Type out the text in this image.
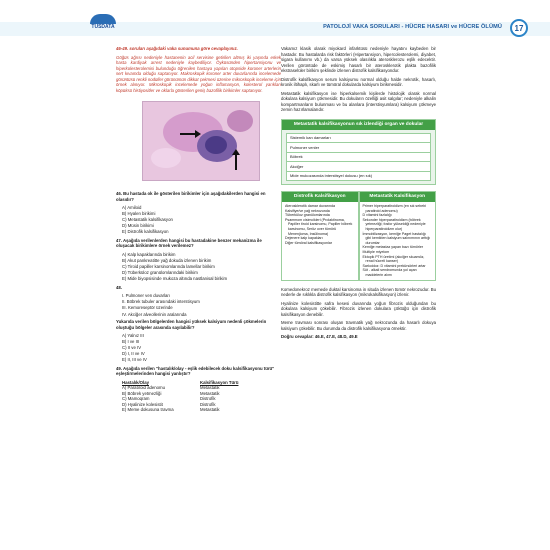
TUSDATA	PATOLOJİ VAKA SORULARI - HÜCRE HASARI ve HÜCRE ÖLÜMÜ	17

46-49. soruları aşağıdaki vaka sunumuna göre cevaplayınız.

Göğüs ağrısı nedeniyle hastanenin acil servisine getirilen altmış iki yaşında erkek hasta kardiyak arrest nedeniyle kaybediliyor. Öyküsünden hipertansiyonu ve hiperkolesterolemisi bulunduğu öğrenilen hastaya yapılan otopside koroner arterlerin sert kıvamda olduğu saptanıyor. Makroskopik koroner arter duvarlarında incelemede görüntüsü renkli nodüller görünümün dikkat çekmesi üzerine mikroskopik inceleme için örnek alınıyor. Mikroskopik incelemede yoğun inflamasyon, kolesterol yarıkları köpüksü histiyositler ve oklarla gösterilen geniş bazofilik birikimler saptanıyor.

46. Bu hastada ok ile gösterilen birikimler için aşağıdakilerden hangisi en olasıdır?

A) Amiloid

B) Hyalen birikimi

C) Metastatik kalsifikasyon

D) Müsin birikimi

E) Distrofik kalsifikasyon

47. Aşağıda verilenlerden hangisi bu hastadakine benzer mekanizma ile oluşacak birikimlere örnek verilemez?

A) Kalp kapaklarında birikim

B) Akut pankreatitte yağ dokuda izlenen birikim

C) Tiroid papiller karsinomlarında lamellar birikim

D) Tüberküloz granülomlarındaki birikim

E) Mide biyopsisinde mukoza altında nastlanisal birikim

48.

I. Pulmoner ven duvarları

II. Böbrek tubuler arasındaki interstisyum

III. Kemoreseptör üzerinde

IV. Akciğer alveollerinin aralarında

Yukarıda verilen bölgelerden hangisi yüksek kalsiyum nedenli çökmelerin oluştuğu bölgeler arasında sayılabilir?

A) Yalnız III

B) I ve III

C) II ve IV

D) I, II ve IV

E) II, III ve IV

49. Aşağıda verilen "hastalık/olay - eşlik edebilecek doku kalsifikasyonu türü" eşleştirmelerinden hangisi yanlıştır?

Hastalık/Olay	Kalsifikasyon Türü
A) Paratiroid adenomu	Metastatik
B) Böbrek yetmezliği	Metastatik
C) Mamoqram	Distrofik
D) Hyalinize kolesistit	Distrofik
E) Meme dokusuna travma	Metastatik

Vakamız klasik olarak miyokard infarktüsü nedeniyle hayatını kaybeden bir hastadır. Bu hastalarda risk faktörleri (Hipertansiyon, hipercolesterolemi, diyabet, sigara kullanımı vb.) da varsa yüksek olasılıkla aterosklerozu eşlik edecektir. Verilen görüntüde de eskimiş hasarlı bir aterosklerotik plakta bazofilik ekstraselüler birikim şeklinde izlenen distrofik kalsifikasyondur.

Distrofik kalsifikasyon serum kalsiyumu normal olduğu halde nekrotik, hasarlı, kronik iltihaplı, skarlı ve tümöral dokularda kalsiyum birikmesidir.

Metastatik kalsifikasyon ise hiperkalsemik kişilerde histolojik olarak normal dokulara kalsiyum çökmesidir. Bu dokuların özelliği asit salgılar; nedeniyle alkalin kompartmanların bulunması ve bu alanlara (interstisyumlara) kalsiyum çökmeye zemin hazırlamalarıdır.

Metastatik kalsifikasyonun sık izlendiği organ ve dokular
Sistemik kan damarları
Pulmoner venler
Böbrek
Akciğer
Mide mukozasında interstisyel dokusu (en sık)
Distrofik Kalsifikasyon
Aterosklerotik damar duvarında
Kalsifiye/ve yağ nekrozunda
Tüberküloz granülomlarında
Psammom cisimcikleri (Prolaktinoma, Papiller tiroid karsinomu, Papiller böbrek karsinomu, Seröz over tümörü Menenjioma, Insülinoma)
Dejenere kalp kapakları
Diğer tümöral kalsifikasyonlar
Metastatik Kalsifikasyon
Primer hiperparatiroidizm (en sık sebebi paratiroid adenomu)
D vitamini fazlalığı
Sekonder hiperparatiroidizm (böbrek yetmezliği; fosfor yükseldiği nedeniyle hiperparatiroidizm olur)
İmmobilizasyon, kemiğe Paget hastalığı gibi kemikten kalsiyum salınımının arttığı durumlar
Kemiğe metastaz yapan bazı tümörler
Multiple miyelom
Ektopik PTH üretimi (akciğer skuamöz, renal hücreli kanser)
Sarkoidoz: D vitamini prekürsörleri artar
Süt - alkali sendromunda yol açan maddelerin alımı

Komedonekroz memede duktal karsinoma in situda izlenen tümör nekrozudur. Bu nederle de sıklıkla distrofik kalsifikasyon (mikrokalsifikasyon) izlenir.

Hyalinize kolesistitte safra kesesi duvarında yoğun fibrozis olduğundan bu dokulara kalsiyum çökebilir. Fibrozis izlenen dokulara çöktüğü için distrofik kalsifikasyon denebilir.

Meme travması sonrası oluşan travmatik yağ nekrozunda da hasarlı dokuya kalsiyum çökebilir. Bu durumda da distrofik kalsifikasyona örnektir.

Doğru cevaplar: 46.E, 47.E, 48.D, 49.E
